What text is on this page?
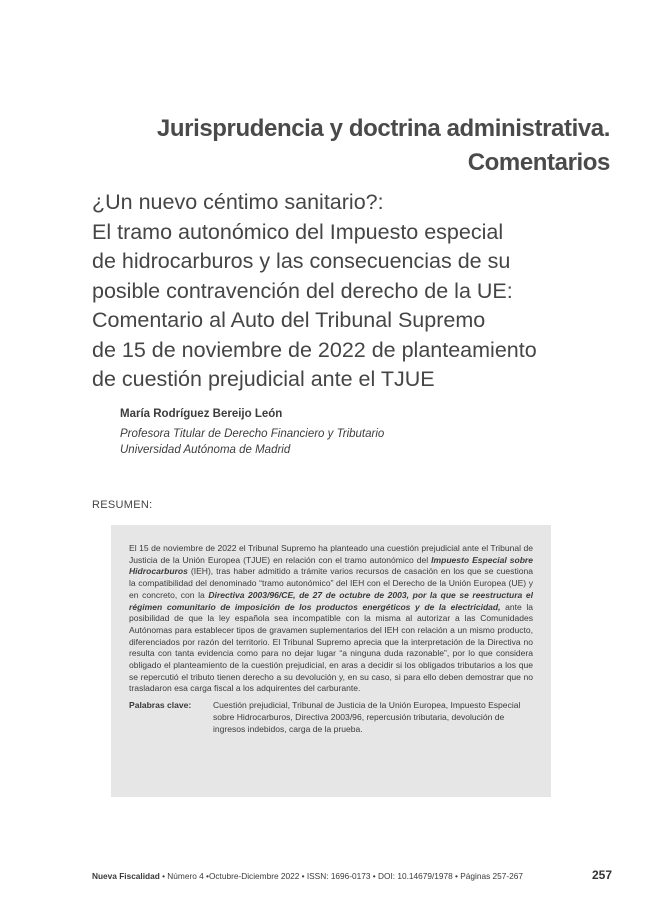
Jurisprudencia y doctrina administrativa.
Comentarios
¿Un nuevo céntimo sanitario?:
El tramo autonómico del Impuesto especial
de hidrocarburos y las consecuencias de su
posible contravención del derecho de la UE:
Comentario al Auto del Tribunal Supremo
de 15 de noviembre de 2022 de planteamiento
de cuestión prejudicial ante el TJUE
María Rodríguez Bereijo León
Profesora Titular de Derecho Financiero y Tributario
Universidad Autónoma de Madrid
RESUMEN:

El 15 de noviembre de 2022 el Tribunal Supremo ha planteado una cuestión prejudicial ante el Tribunal de Justicia de la Unión Europea (TJUE) en relación con el tramo autonómico del Impuesto Especial sobre Hidrocarburos (IEH), tras haber admitido a trámite varios recursos de casación en los que se cuestiona la compatibilidad del denominado “tramo autonómico” del IEH con el Derecho de la Unión Europea (UE) y en concreto, con la Directiva 2003/96/CE, de 27 de octubre de 2003, por la que se reestructura el régimen comunitario de imposición de los productos energéticos y de la electricidad, ante la posibilidad de que la ley española sea incompatible con la misma al autorizar a las Comunidades Autónomas para establecer tipos de gravamen suplementarios del IEH con relación a un mismo producto, diferenciados por razón del territorio. El Tribunal Supremo aprecia que la interpretación de la Directiva no resulta con tanta evidencia como para no dejar lugar “a ninguna duda razonable”, por lo que considera obligado el planteamiento de la cuestión prejudicial, en aras a decidir si los obligados tributarios a los que se repercutió el tributo tienen derecho a su devolución y, en su caso, si para ello deben demostrar que no trasladaron esa carga fiscal a los adquirentes del carburante.

Palabras clave:	Cuestión prejudicial, Tribunal de Justicia de la Unión Europea, Impuesto Especial sobre Hidrocarburos, Directiva 2003/96, repercusión tributaria, devolución de ingresos indebidos, carga de la prueba.
Nueva Fiscalidad • Número 4 •Octubre-Diciembre 2022 • ISSN: 1696-0173 • DOI: 10.14679/1978 • Páginas 257-267	257
